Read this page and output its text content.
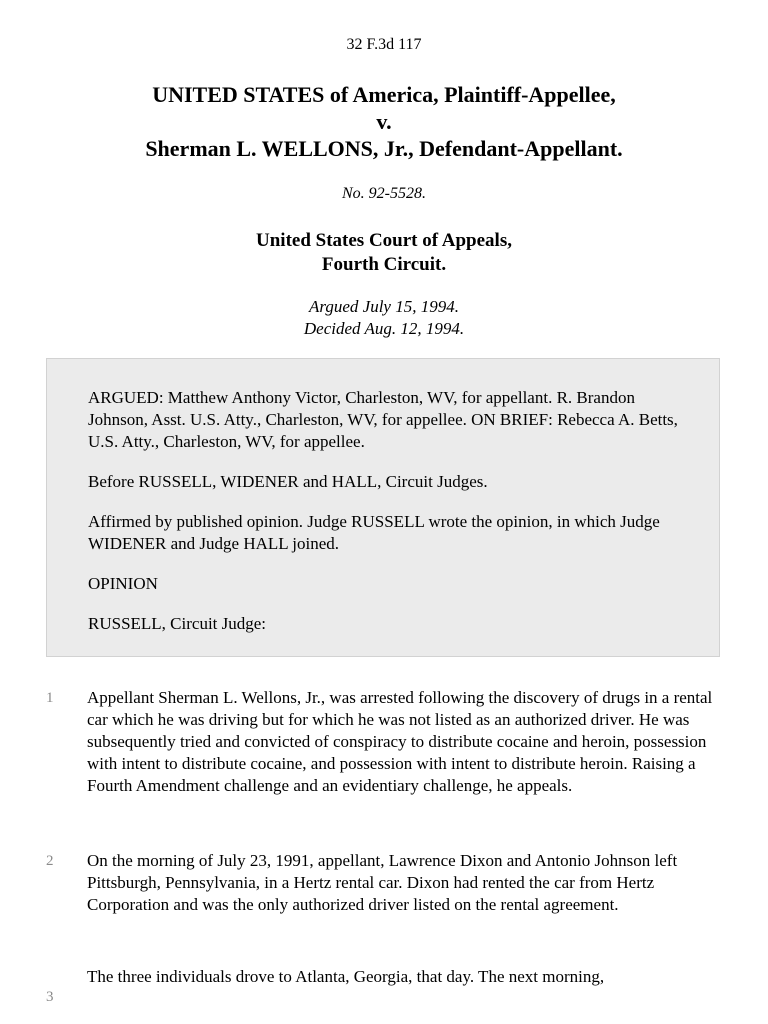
32 F.3d 117
UNITED STATES of America, Plaintiff-Appellee,
v.
Sherman L. WELLONS, Jr., Defendant-Appellant.
No. 92-5528.
United States Court of Appeals,
Fourth Circuit.
Argued July 15, 1994.
Decided Aug. 12, 1994.

ARGUED: Matthew Anthony Victor, Charleston, WV, for appellant. R. Brandon Johnson, Asst. U.S. Atty., Charleston, WV, for appellee. ON BRIEF: Rebecca A. Betts, U.S. Atty., Charleston, WV, for appellee.

Before RUSSELL, WIDENER and HALL, Circuit Judges.

Affirmed by published opinion. Judge RUSSELL wrote the opinion, in which Judge WIDENER and Judge HALL joined.

OPINION

RUSSELL, Circuit Judge:

1 Appellant Sherman L. Wellons, Jr., was arrested following the discovery of drugs in a rental car which he was driving but for which he was not listed as an authorized driver. He was subsequently tried and convicted of conspiracy to distribute cocaine and heroin, possession with intent to distribute cocaine, and possession with intent to distribute heroin. Raising a Fourth Amendment challenge and an evidentiary challenge, he appeals.
2 On the morning of July 23, 1991, appellant, Lawrence Dixon and Antonio Johnson left Pittsburgh, Pennsylvania, in a Hertz rental car. Dixon had rented the car from Hertz Corporation and was the only authorized driver listed on the rental agreement.
3
The three individuals drove to Atlanta, Georgia, that day. The next morning,
